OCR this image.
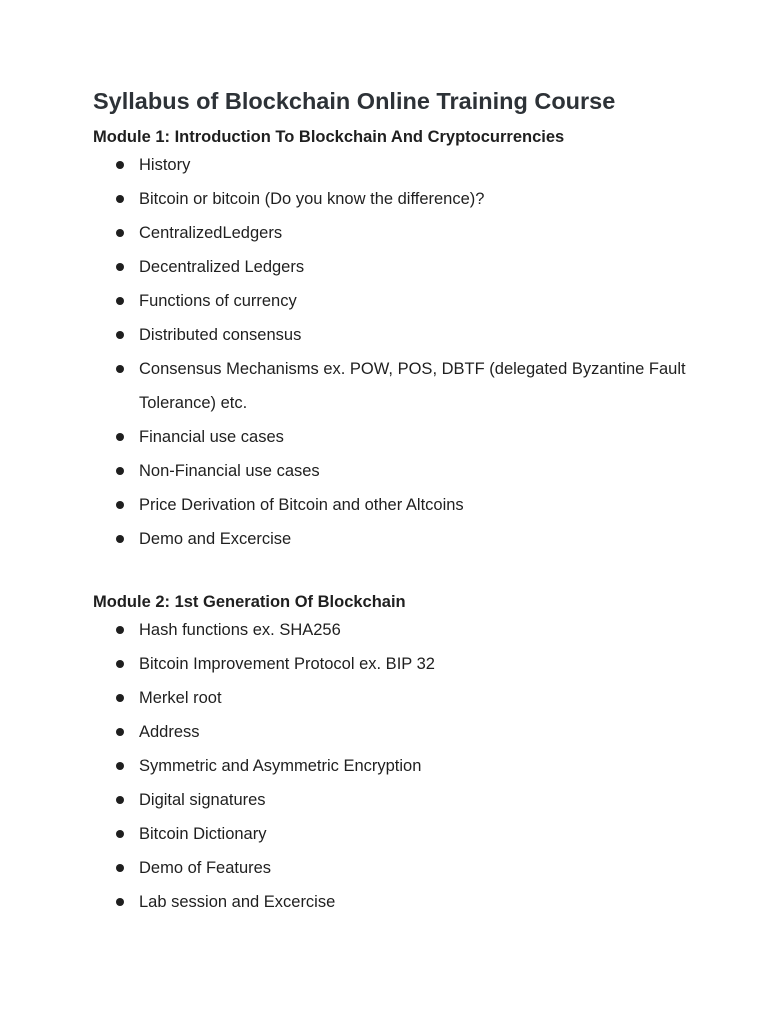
Syllabus of Blockchain Online Training Course
Module 1: Introduction To Blockchain And Cryptocurrencies
History
Bitcoin or bitcoin (Do you know the difference)?
CentralizedLedgers
Decentralized Ledgers
Functions of currency
Distributed consensus
Consensus Mechanisms ex. POW, POS, DBTF (delegated Byzantine Fault Tolerance) etc.
Financial use cases
Non-Financial use cases
Price Derivation of Bitcoin and other Altcoins
Demo and Excercise
Module 2: 1st Generation Of Blockchain
Hash functions ex. SHA256
Bitcoin Improvement Protocol ex. BIP 32
Merkel root
Address
Symmetric and Asymmetric Encryption
Digital signatures
Bitcoin Dictionary
Demo of Features
Lab session and Excercise
